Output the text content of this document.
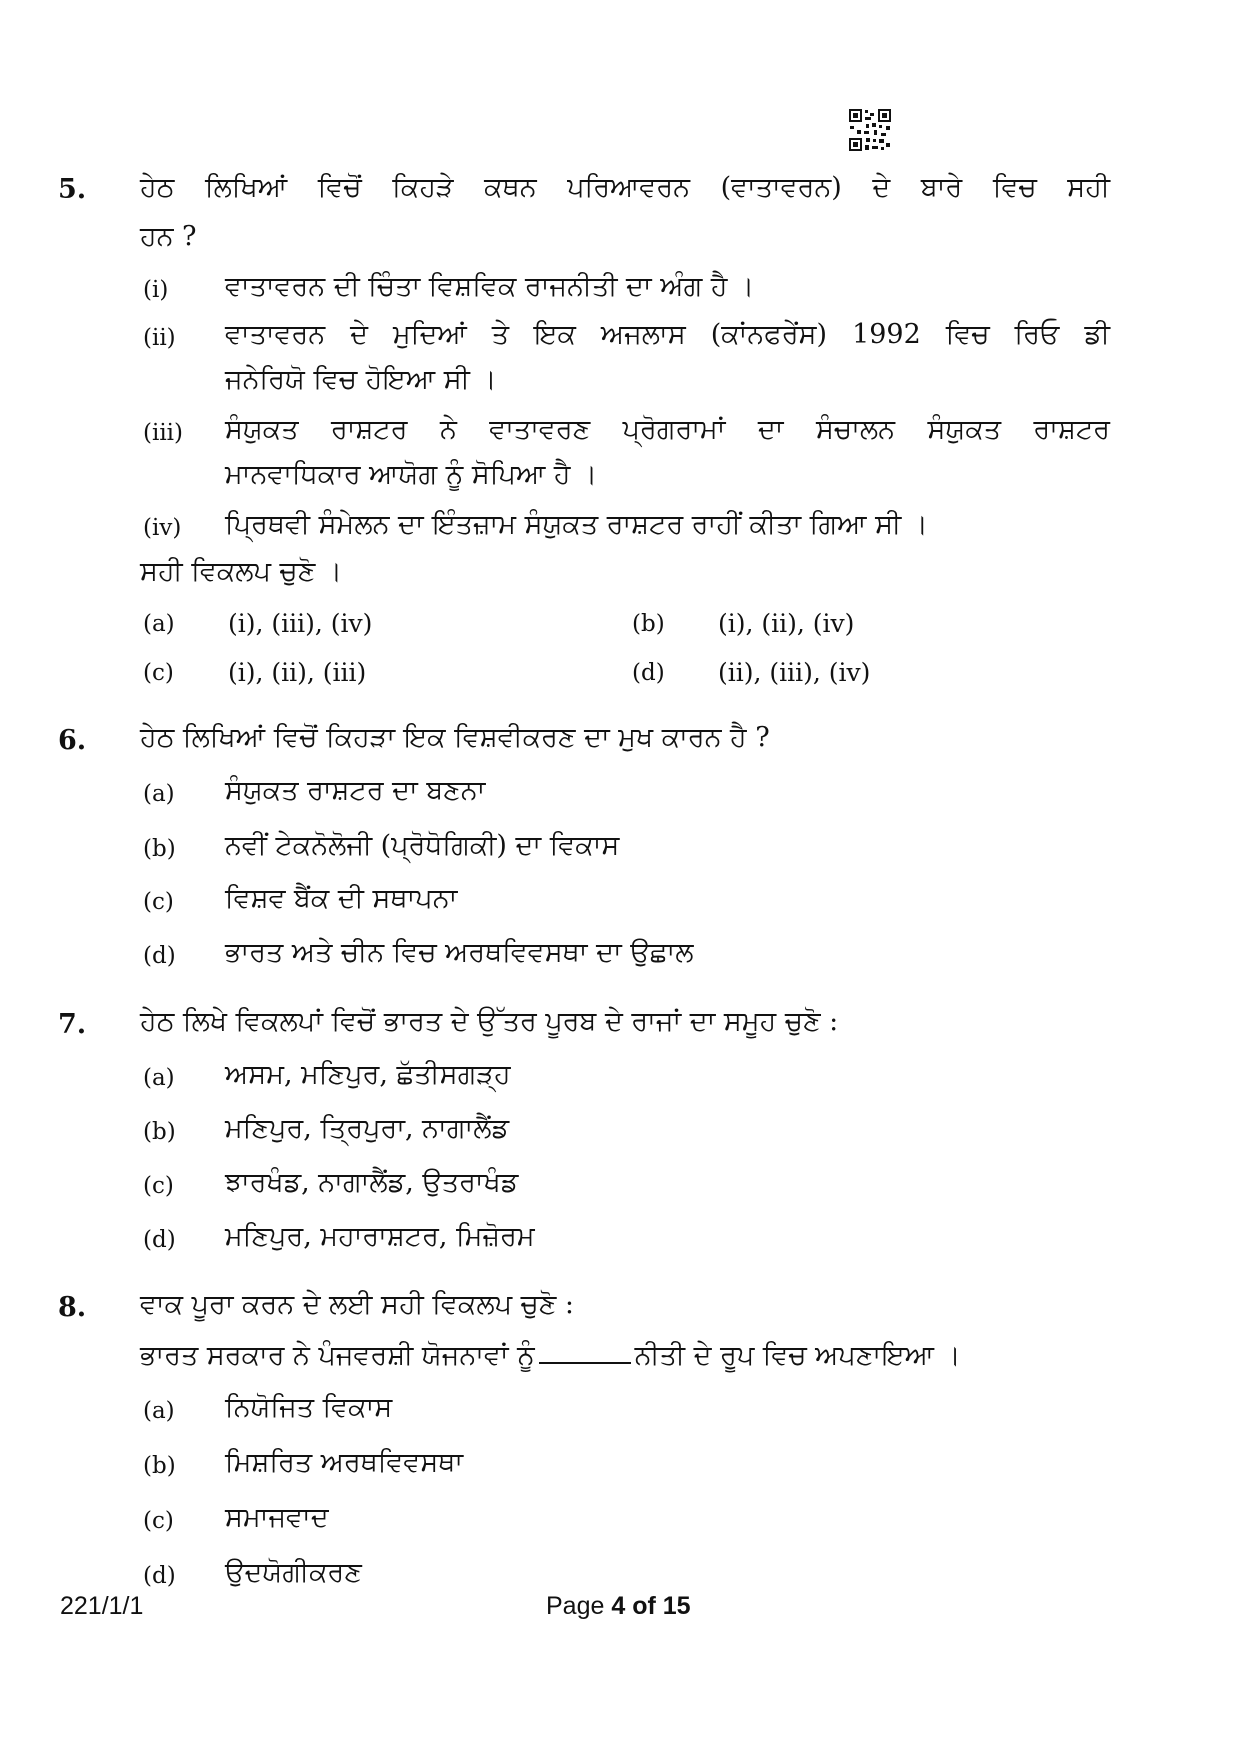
5. ਹੇਠ ਲਿਖਿਆਂ ਵਿਚੋਂ ਕਿਹੜੇ ਕਥਨ ਪਰਿਆਵਰਨ (ਵਾਤਾਵਰਨ) ਦੇ ਬਾਰੇ ਵਿਚ ਸਹੀ
ਹਨ ?
(i) ਵਾਤਾਵਰਨ ਦੀ ਚਿੰਤਾ ਵਿਸ਼ਵਿਕ ਰਾਜਨੀਤੀ ਦਾ ਅੰਗ ਹੈ ।
(ii) ਵਾਤਾਵਰਨ ਦੇ ਮੁਦਿਆਂ ਤੇ ਇਕ ਅਜਲਾਸ (ਕਾਂਨਫਰੇਂਸ) 1992 ਵਿਚ ਰਿਓ ਡੀ
ਜਨੇਰਿਯੋ ਵਿਚ ਹੋਇਆ ਸੀ ।
(iii) ਸੰਯੁਕਤ ਰਾਸ਼ਟਰ ਨੇ ਵਾਤਾਵਰਣ ਪ੍ਰੋਗਰਾਮਾਂ ਦਾ ਸੰਚਾਲਨ ਸੰਯੁਕਤ ਰਾਸ਼ਟਰ
ਮਾਨਵਾਧਿਕਾਰ ਆਯੋਗ ਨੂੰ ਸੋਪਿਆ ਹੈ ।
(iv) ਪ੍ਰਿਥਵੀ ਸੰਮੇਲਨ ਦਾ ਇੰਤਜ਼ਾਮ ਸੰਯੁਕਤ ਰਾਸ਼ਟਰ ਰਾਹੀਂ ਕੀਤਾ ਗਿਆ ਸੀ ।
ਸਹੀ ਵਿਕਲਪ ਚੁਣੋ ।
(a) (i), (iii), (iv)	(b) (i), (ii), (iv)
(c) (i), (ii), (iii)	(d) (ii), (iii), (iv)
6. ਹੇਠ ਲਿਖਿਆਂ ਵਿਚੋਂ ਕਿਹੜਾ ਇਕ ਵਿਸ਼ਵੀਕਰਣ ਦਾ ਮੁਖ ਕਾਰਨ ਹੈ ?
(a) ਸੰਯੁਕਤ ਰਾਸ਼ਟਰ ਦਾ ਬਣਨਾ
(b) ਨਵੀਂ ਟੇਕਨੋਲੋਜੀ (ਪ੍ਰੋਧੋਗਿਕੀ) ਦਾ ਵਿਕਾਸ
(c) ਵਿਸ਼ਵ ਬੈਂਕ ਦੀ ਸਥਾਪਨਾ
(d) ਭਾਰਤ ਅਤੇ ਚੀਨ ਵਿਚ ਅਰਥਵਿਵਸਥਾ ਦਾ ਉਛਾਲ
7. ਹੇਠ ਲਿਖੇ ਵਿਕਲਪਾਂ ਵਿਚੋਂ ਭਾਰਤ ਦੇ ਉੱਤਰ ਪੂਰਬ ਦੇ ਰਾਜਾਂ ਦਾ ਸਮੂਹ ਚੁਣੋ :
(a) ਅਸਮ, ਮਣਿਪੁਰ, ਛੱਤੀਸਗੜ੍ਹ
(b) ਮਣਿਪੁਰ, ਤ੍ਰਿਪੁਰਾ, ਨਾਗਾਲੈਂਡ
(c) ਝਾਰਖੰਡ, ਨਾਗਾਲੈਂਡ, ਉਤਰਾਖੰਡ
(d) ਮਣਿਪੁਰ, ਮਹਾਰਾਸ਼ਟਰ, ਮਿਜ਼ੋਰਮ
8. ਵਾਕ ਪੂਰਾ ਕਰਨ ਦੇ ਲਈ ਸਹੀ ਵਿਕਲਪ ਚੁਣੋ :
ਭਾਰਤ ਸਰਕਾਰ ਨੇ ਪੰਜਵਰਸ਼ੀ ਯੋਜਨਾਵਾਂ ਨੂੰ	ਨੀਤੀ ਦੇ ਰੂਪ ਵਿਚ ਅਪਣਾਇਆ ।
(a) ਨਿਯੋਜਿਤ ਵਿਕਾਸ
(b) ਮਿਸ਼ਰਿਤ ਅਰਥਵਿਵਸਥਾ
(c) ਸਮਾਜਵਾਦ
(d) ਉਦਯੋਗੀਕਰਣ
221/1/1	Page 4 of 15
